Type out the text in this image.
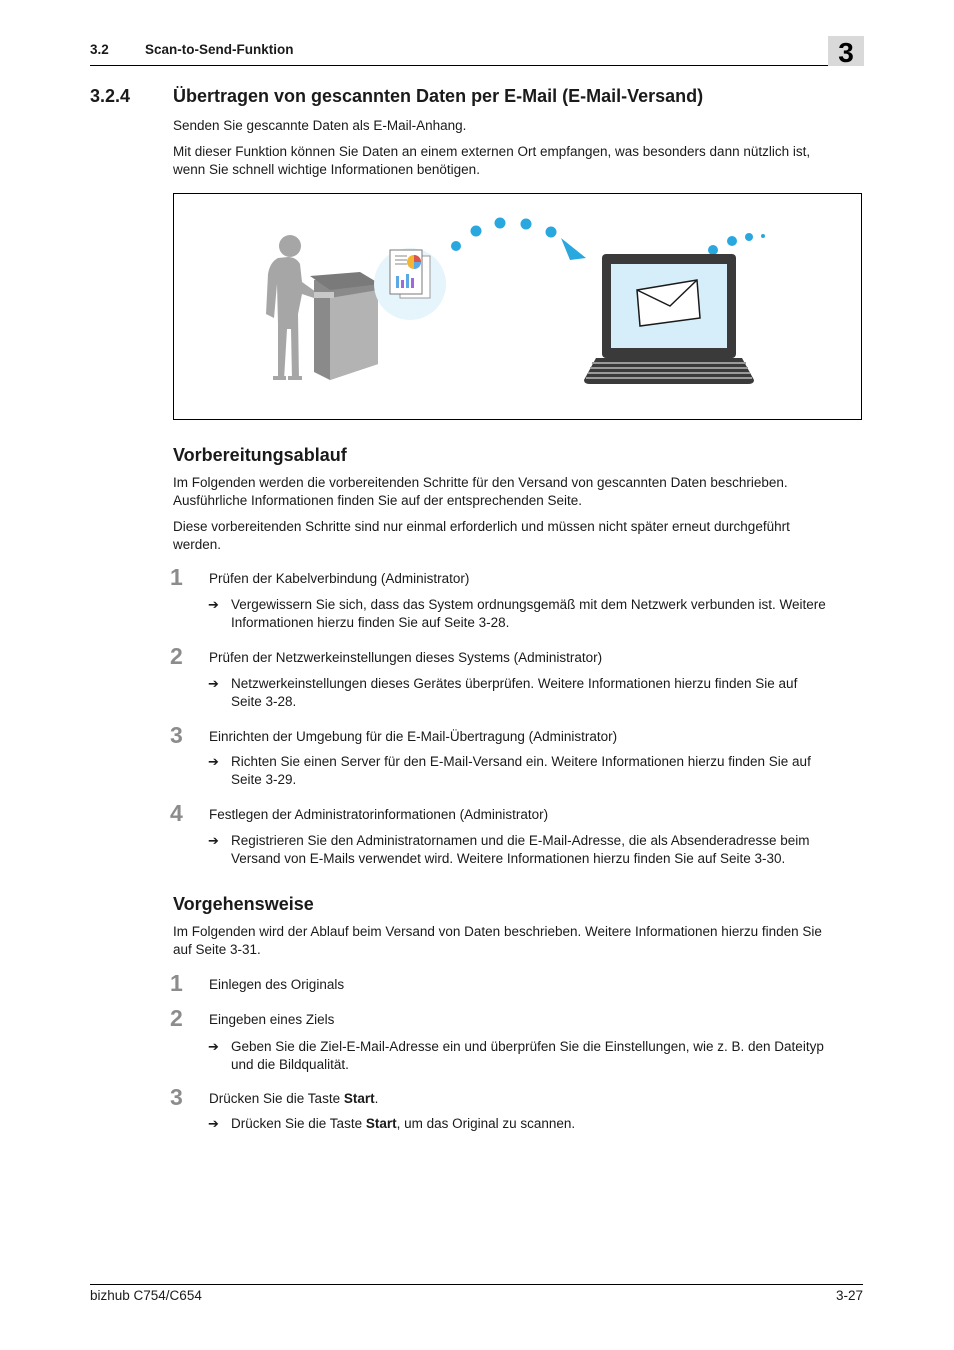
3.2	Scan-to-Send-Funktion	3
3.2.4 Übertragen von gescannten Daten per E-Mail (E-Mail-Versand)
Senden Sie gescannte Daten als E-Mail-Anhang.
Mit dieser Funktion können Sie Daten an einem externen Ort empfangen, was besonders dann nützlich ist,
wenn Sie schnell wichtige Informationen benötigen.
Vorbereitungsablauf
Im Folgenden werden die vorbereitenden Schritte für den Versand von gescannten Daten beschrieben.
Ausführliche Informationen finden Sie auf der entsprechenden Seite.
Diese vorbereitenden Schritte sind nur einmal erforderlich und müssen nicht später erneut durchgeführt
werden.
1 Prüfen der Kabelverbindung (Administrator)
➔ Vergewissern Sie sich, dass das System ordnungsgemäß mit dem Netzwerk verbunden ist. Weitere
Informationen hierzu finden Sie auf Seite 3-28.
2 Prüfen der Netzwerkeinstellungen dieses Systems (Administrator)
➔ Netzwerkeinstellungen dieses Gerätes überprüfen. Weitere Informationen hierzu finden Sie auf
Seite 3-28.
3 Einrichten der Umgebung für die E-Mail-Übertragung (Administrator)
➔ Richten Sie einen Server für den E-Mail-Versand ein. Weitere Informationen hierzu finden Sie auf
Seite 3-29.
4 Festlegen der Administratorinformationen (Administrator)
➔ Registrieren Sie den Administratornamen und die E-Mail-Adresse, die als Absenderadresse beim
Versand von E-Mails verwendet wird. Weitere Informationen hierzu finden Sie auf Seite 3-30.
Vorgehensweise
Im Folgenden wird der Ablauf beim Versand von Daten beschrieben. Weitere Informationen hierzu finden Sie
auf Seite 3-31.
1 Einlegen des Originals
2 Eingeben eines Ziels
➔ Geben Sie die Ziel-E-Mail-Adresse ein und überprüfen Sie die Einstellungen, wie z. B. den Dateityp
und die Bildqualität.
3 Drücken Sie die Taste Start.
➔ Drücken Sie die Taste Start, um das Original zu scannen.
bizhub C754/C654	3-27
